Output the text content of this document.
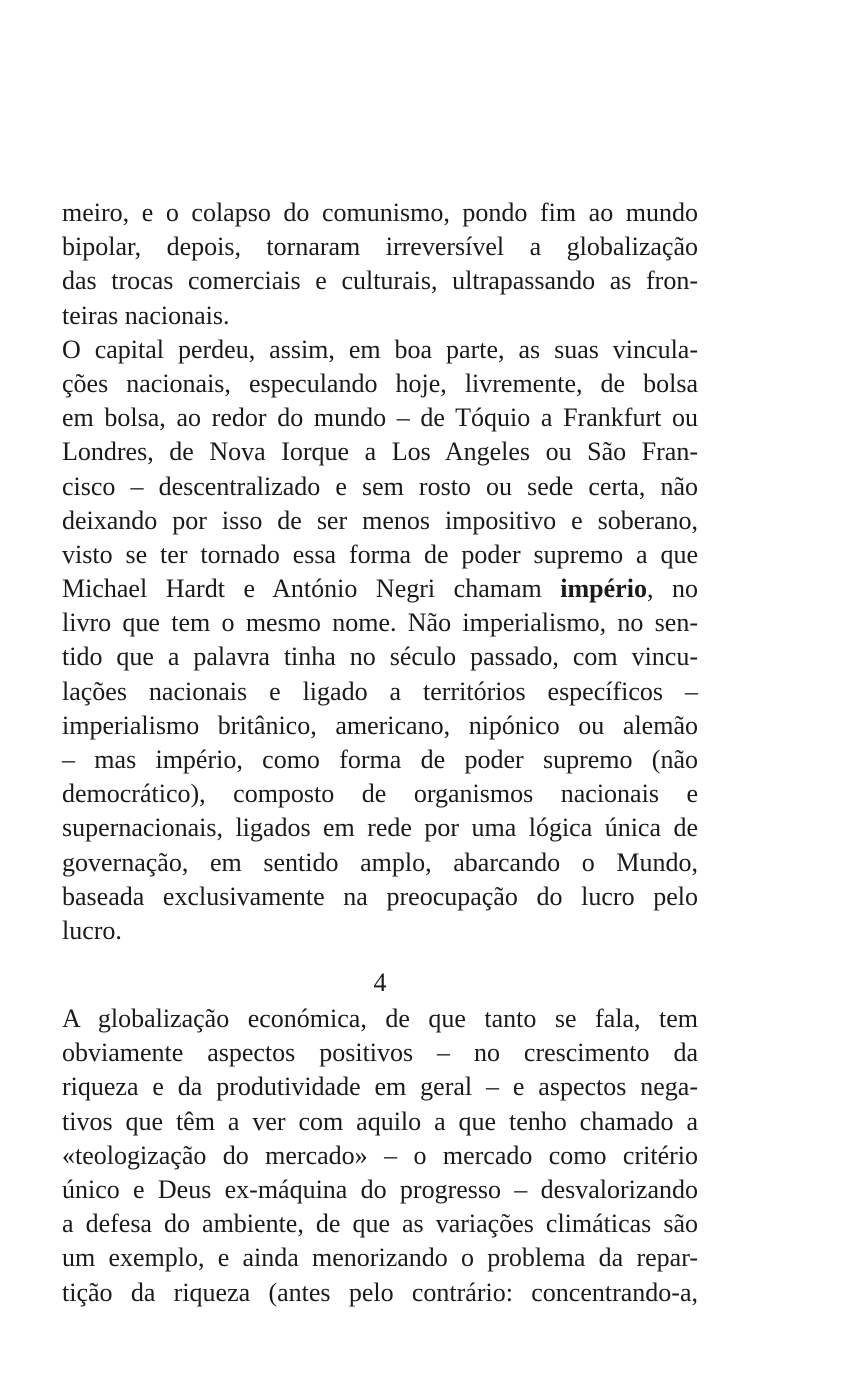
meiro, e o colapso do comunismo, pondo fim ao mundo
bipolar, depois, tornaram irreversível a globalização
das trocas comerciais e culturais, ultrapassando as fron-
teiras nacionais.
O capital perdeu, assim, em boa parte, as suas vincula-
ções nacionais, especulando hoje, livremente, de bolsa
em bolsa, ao redor do mundo – de Tóquio a Frankfurt ou
Londres, de Nova Iorque a Los Angeles ou São Fran-
cisco – descentralizado e sem rosto ou sede certa, não
deixando por isso de ser menos impositivo e soberano,
visto se ter tornado essa forma de poder supremo a que
Michael Hardt e António Negri chamam império, no
livro que tem o mesmo nome. Não imperialismo, no sen-
tido que a palavra tinha no século passado, com vincu-
lações nacionais e ligado a territórios específicos –
imperialismo britânico, americano, nipónico ou alemão
– mas império, como forma de poder supremo (não
democrático), composto de organismos nacionais e
supernacionais, ligados em rede por uma lógica única de
governação, em sentido amplo, abarcando o Mundo,
baseada exclusivamente na preocupação do lucro pelo
lucro.
4
A globalização económica, de que tanto se fala, tem
obviamente aspectos positivos – no crescimento da
riqueza e da produtividade em geral – e aspectos nega-
tivos que têm a ver com aquilo a que tenho chamado a
«teologização do mercado» – o mercado como critério
único e Deus ex-máquina do progresso – desvalorizando
a defesa do ambiente, de que as variações climáticas são
um exemplo, e ainda menorizando o problema da repar-
tição da riqueza (antes pelo contrário: concentrando-a,
